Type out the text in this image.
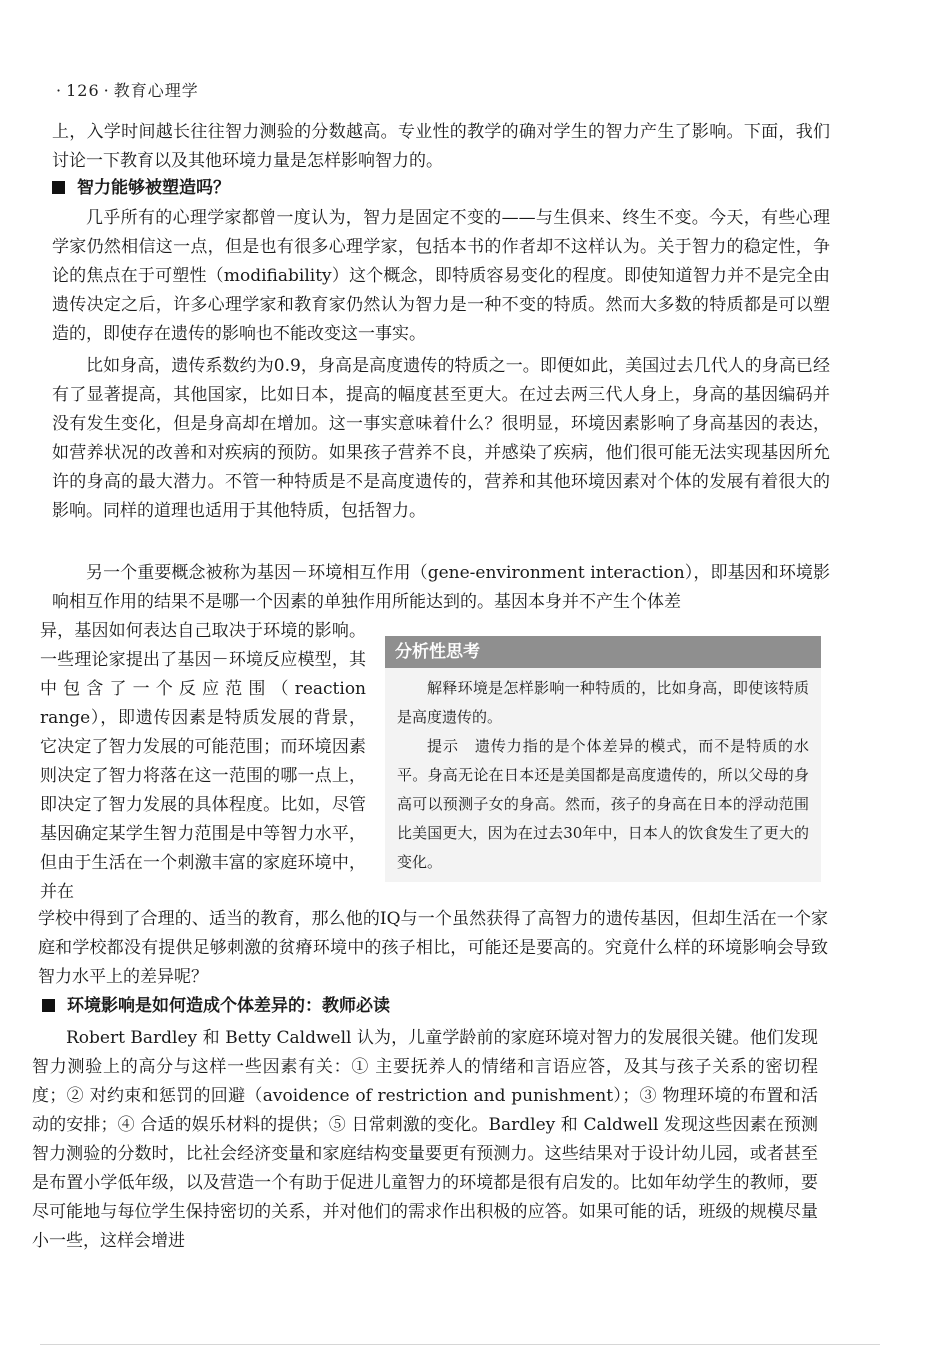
· 126 · 教育心理学

上，入学时间越长往往智力测验的分数越高。专业性的教学的确对学生的智力产生了影响。下面，我们讨论一下教育以及其他环境力量是怎样影响智力的。

智力能够被塑造吗？

几乎所有的心理学家都曾一度认为，智力是固定不变的——与生俱来、终生不变。今天，有些心理学家仍然相信这一点，但是也有很多心理学家，包括本书的作者却不这样认为。关于智力的稳定性，争论的焦点在于可塑性（modifiability）这个概念，即特质容易变化的程度。即使知道智力并不是完全由遗传决定之后，许多心理学家和教育家仍然认为智力是一种不变的特质。然而大多数的特质都是可以塑造的，即使存在遗传的影响也不能改变这一事实。

比如身高，遗传系数约为0.9，身高是高度遗传的特质之一。即便如此，美国过去几代人的身高已经有了显著提高，其他国家，比如日本，提高的幅度甚至更大。在过去两三代人身上，身高的基因编码并没有发生变化，但是身高却在增加。这一事实意味着什么？很明显，环境因素影响了身高基因的表达，如营养状况的改善和对疾病的预防。如果孩子营养不良，并感染了疾病，他们很可能无法实现基因所允许的身高的最大潜力。不管一种特质是不是高度遗传的，营养和其他环境因素对个体的发展有着很大的影响。同样的道理也适用于其他特质，包括智力。

另一个重要概念被称为基因－环境相互作用（gene-environment interaction），即基因和环境影响相互作用的结果不是哪一个因素的单独作用所能达到的。基因本身并不产生个体差

异，基因如何表达自己取决于环境的影响。一些理论家提出了基因－环境反应模型，其中包含了一个反应范围（reaction range），即遗传因素是特质发展的背景，它决定了智力发展的可能范围；而环境因素则决定了智力将落在这一范围的哪一点上，即决定了智力发展的具体程度。比如，尽管基因确定某学生智力范围是中等智力水平，但由于生活在一个刺激丰富的家庭环境中，并在

学校中得到了合理的、适当的教育，那么他的IQ与一个虽然获得了高智力的遗传基因，但却生活在一个家庭和学校都没有提供足够刺激的贫瘠环境中的孩子相比，可能还是要高的。究竟什么样的环境影响会导致智力水平上的差异呢？

分析性思考

解释环境是怎样影响一种特质的，比如身高，即使该特质是高度遗传的。

提示　遗传力指的是个体差异的模式，而不是特质的水平。身高无论在日本还是美国都是高度遗传的，所以父母的身高可以预测子女的身高。然而，孩子的身高在日本的浮动范围比美国更大，因为在过去30年中，日本人的饮食发生了更大的变化。

环境影响是如何造成个体差异的：教师必读

Robert Bardley 和 Betty Caldwell 认为，儿童学龄前的家庭环境对智力的发展很关键。他们发现智力测验上的高分与这样一些因素有关：① 主要抚养人的情绪和言语应答，及其与孩子关系的密切程度；② 对约束和惩罚的回避（avoidence of restriction and punishment）；③ 物理环境的布置和活动的安排；④ 合适的娱乐材料的提供；⑤ 日常刺激的变化。Bardley 和 Caldwell 发现这些因素在预测智力测验的分数时，比社会经济变量和家庭结构变量要更有预测力。这些结果对于设计幼儿园，或者甚至是布置小学低年级，以及营造一个有助于促进儿童智力的环境都是很有启发的。比如年幼学生的教师，要尽可能地与每位学生保持密切的关系，并对他们的需求作出积极的应答。如果可能的话，班级的规模尽量小一些，这样会增进
